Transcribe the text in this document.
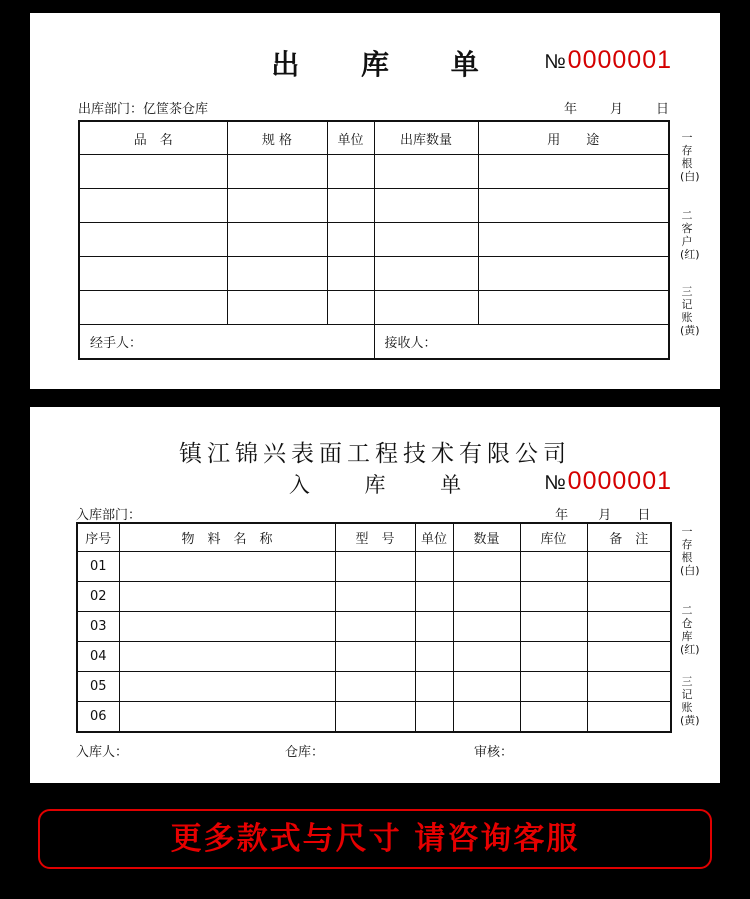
出 库 单	№0000001
出库部门：亿筐茶仓库	年	月	日
品　名	规 格	单位	出库数量	用　　途

经手人：			接收人：	
一存根(白)
二客户(红)
三记账(黄)
镇江锦兴表面工程技术有限公司
入 库 单	№0000001
入库部门：	年 月 日
序号	物　料　名　称	型　号	单位	数量	库位	备　注
01						
02						
03						
04						
05						
06						
入库人：	仓库：	审核：
一存根(白)
二仓库(红)
三记账(黄)
更多款式与尺寸 请咨询客服
